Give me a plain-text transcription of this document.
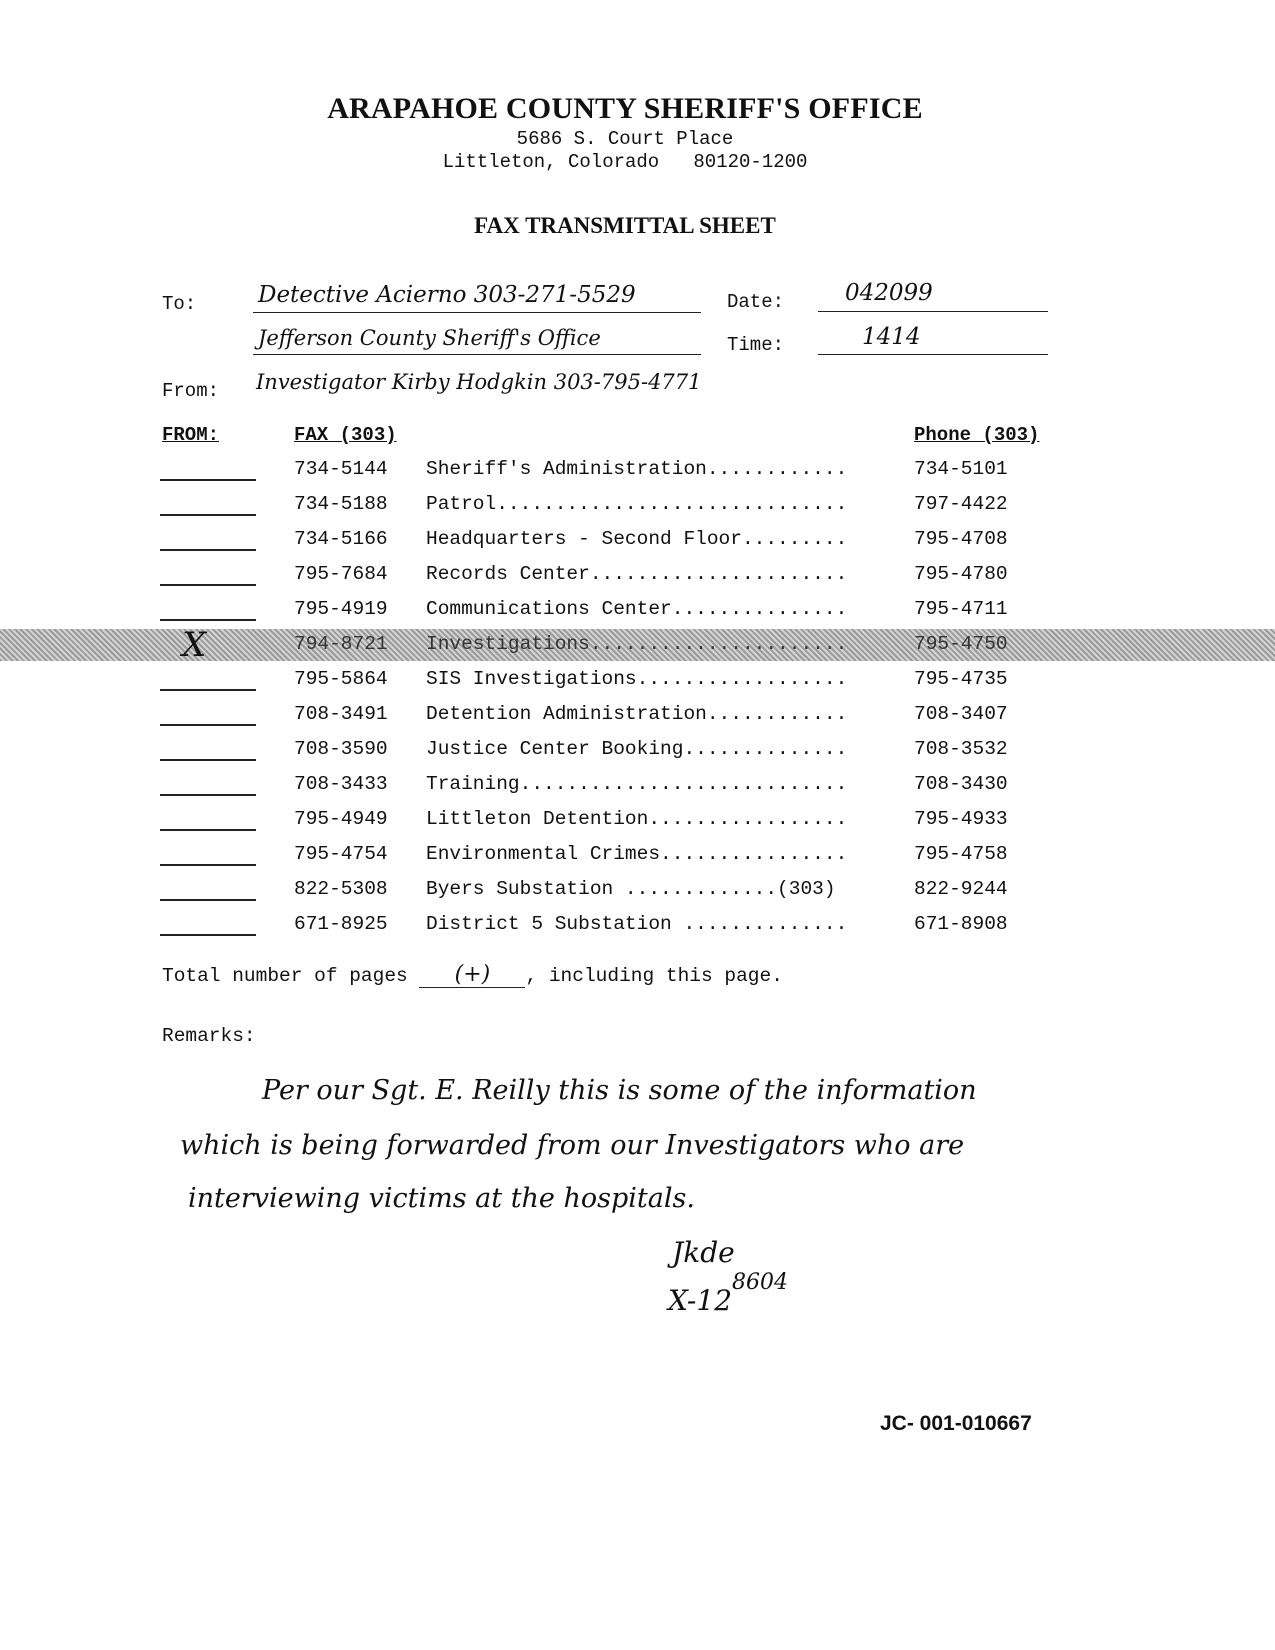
ARAPAHOE COUNTY SHERIFF'S OFFICE
5686 S. Court Place
Littleton, Colorado   80120-1200
FAX TRANSMITTAL SHEET
To:	Detective Acierno 303-271-5529	Date:	042099
Jefferson County Sheriff's Office	Time:	1414
From: Investigator Kirby Hodgkin 303-795-4771
FROM:	FAX (303)	Phone (303)
734-5144 Sheriff's Administration............	734-5101
734-5188 Patrol..............................	797-4422
734-5166 Headquarters - Second Floor.........	795-4708
795-7684 Records Center......................	795-4780
795-4919 Communications Center...............	795-4711
X	794-8721 Investigations......................	795-4750
795-5864 SIS Investigations..................	795-4735
708-3491 Detention Administration............	708-3407
708-3590 Justice Center Booking..............	708-3532
708-3433 Training............................	708-3430
795-4949 Littleton Detention.................	795-4933
795-4754 Environmental Crimes................	795-4758
822-5308 Byers Substation .............(303)	822-9244
671-8925 District 5 Substation ..............	671-8908
Total number of pages (+) , including this page.
Remarks:
Per our Sgt. E. Reilly this is some of the information
which is being forwarded from our Investigators who are
interviewing victims at the hospitals.
Jkde
8604
X-12
JC- 001-010667
